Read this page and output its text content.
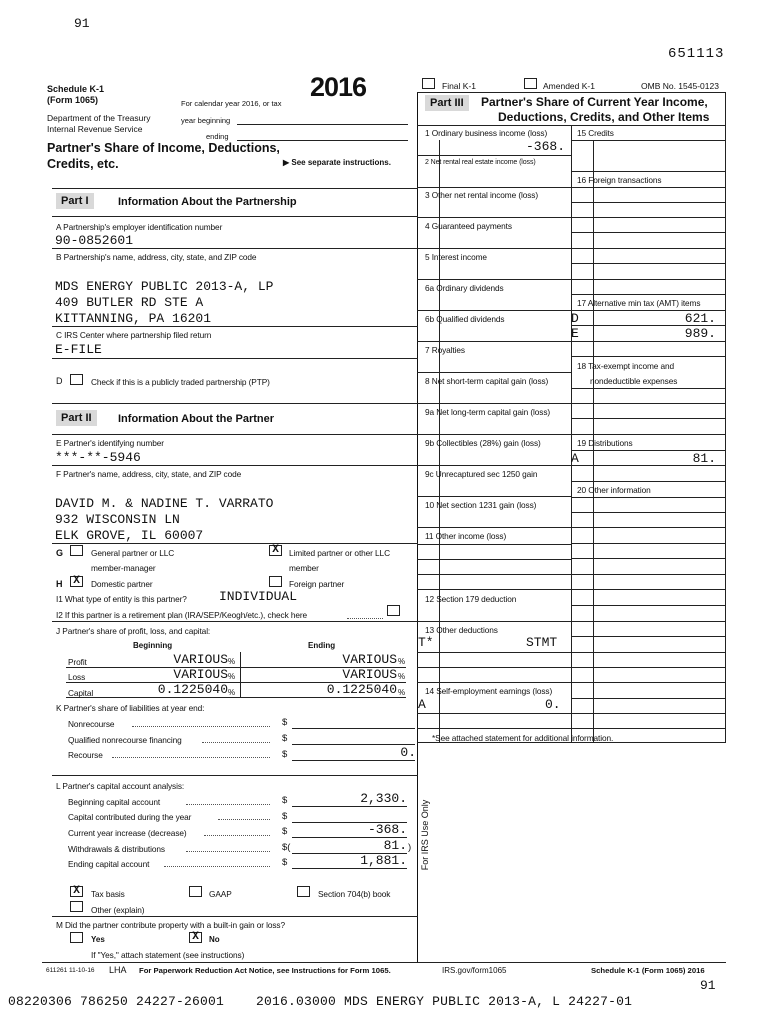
91
651113
Schedule K-1
(Form 1065)
Department of the Treasury
Internal Revenue Service
2016
For calendar year 2016, or tax
year beginning
ending
Partner's Share of Income, Deductions,
Credits, etc.	▶ See separate instructions.
Final K-1	Amended K-1	OMB No. 1545-0123
Part III	Partner's Share of Current Year Income,
Deductions, Credits, and Other Items
1 Ordinary business income (loss)
-368.
2 Net rental real estate income (loss)
3 Other net rental income (loss)
4 Guaranteed payments
5 Interest income
6a Ordinary dividends
6b Qualified dividends
7 Royalties
8 Net short-term capital gain (loss)
9a Net long-term capital gain (loss)
9b Collectibles (28%) gain (loss)
9c Unrecaptured sec 1250 gain
10 Net section 1231 gain (loss)
11 Other income (loss)
12 Section 179 deduction
13 Other deductions
T*	STMT
14 Self-employment earnings (loss)
A	0.
15 Credits
16 Foreign transactions
17 Alternative min tax (AMT) items
D	621.
E	989.
18 Tax-exempt income and
nondeductible expenses
19 Distributions
A	81.
20 Other information
*See attached statement for additional information.
For IRS Use Only
Part I	Information About the Partnership
A Partnership's employer identification number
90-0852601
B Partnership's name, address, city, state, and ZIP code
MDS ENERGY PUBLIC 2013-A, LP
409 BUTLER RD STE A
KITTANNING, PA 16201
C IRS Center where partnership filed return
E-FILE
D	Check if this is a publicly traded partnership (PTP)
Part II	Information About the Partner
E Partner's identifying number
***-**-5946
F Partner's name, address, city, state, and ZIP code
DAVID M. & NADINE T. VARRATO
932 WISCONSIN LN
ELK GROVE, IL 60007
G	General partner or LLC
member-manager
X	Limited partner or other LLC
member
H X	Domestic partner	Foreign partner
I1 What type of entity is this partner? INDIVIDUAL
I2 If this partner is a retirement plan (IRA/SEP/Keogh/etc.), check here
J Partner's share of profit, loss, and capital:
Beginning	Ending
Profit	VARIOUS %	VARIOUS %
Loss	VARIOUS %	VARIOUS %
Capital	0.1225040 %	0.1225040 %
K Partner's share of liabilities at year end:
Nonrecourse	$
Qualified nonrecourse financing	$
Recourse	$	0.
L Partner's capital account analysis:
Beginning capital account	$	2,330.
Capital contributed during the year	$
Current year increase (decrease)	$	-368.
Withdrawals & distributions	$(	81. )
Ending capital account	$	1,881.
X	Tax basis	GAAP	Section 704(b) book
Other (explain)
M Did the partner contribute property with a built-in gain or loss?
Yes	X	No
If "Yes," attach statement (see instructions)
611261 11-10-16 LHA For Paperwork Reduction Act Notice, see Instructions for Form 1065.	IRS.gov/form1065	Schedule K-1 (Form 1065) 2016
91
08220306 786250 24227-26001    2016.03000 MDS ENERGY PUBLIC 2013-A, L 24227-01
